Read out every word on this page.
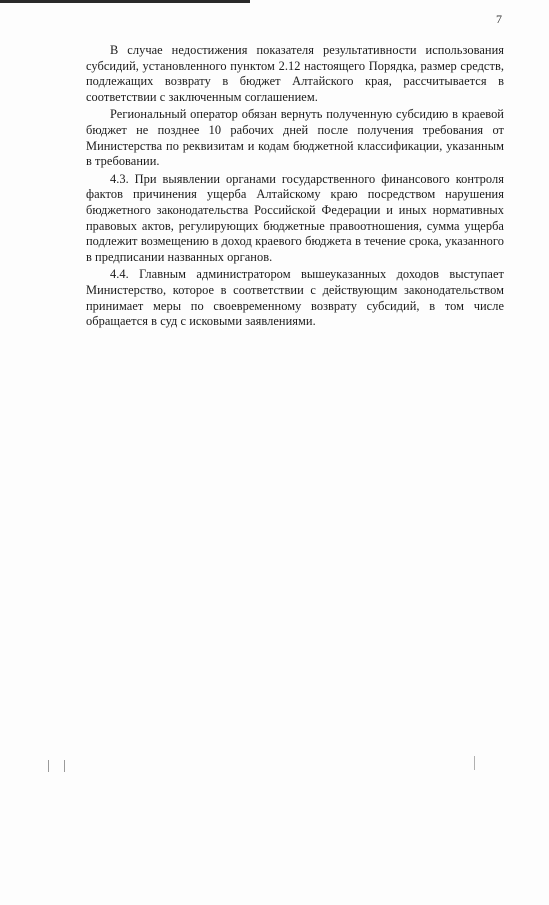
7

В случае недостижения показателя результативности использования субсидий, установленного пунктом 2.12 настоящего Порядка, размер средств, подлежащих возврату в бюджет Алтайского края, рассчитывается в соответствии с заключенным соглашением.

Региональный оператор обязан вернуть полученную субсидию в краевой бюджет не позднее 10 рабочих дней после получения требования от Министерства по реквизитам и кодам бюджетной классификации, указанным в требовании.

4.3. При выявлении органами государственного финансового контроля фактов причинения ущерба Алтайскому краю посредством нарушения бюджетного законодательства Российской Федерации и иных нормативных правовых актов, регулирующих бюджетные правоотношения, сумма ущерба подлежит возмещению в доход краевого бюджета в течение срока, указанного в предписании названных органов.

4.4. Главным администратором вышеуказанных доходов выступает Министерство, которое в соответствии с действующим законодательством принимает меры по своевременному возврату субсидий, в том числе обращается в суд с исковыми заявлениями.
